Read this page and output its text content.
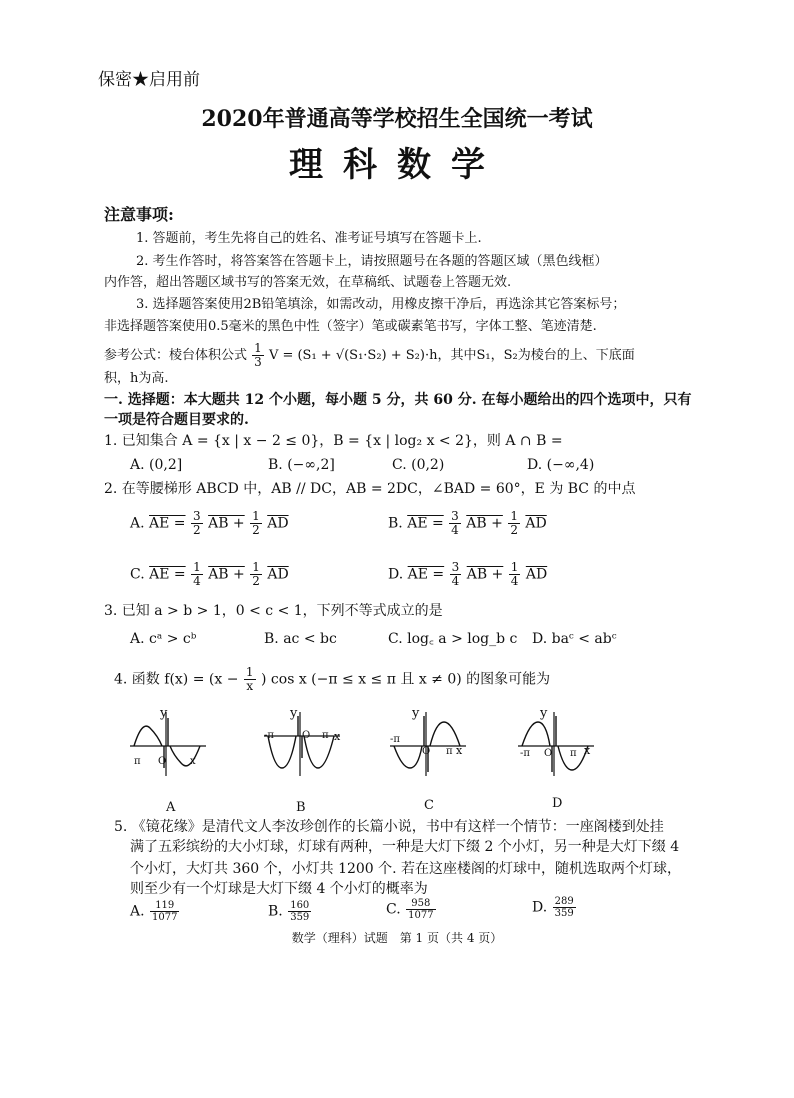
保密★启用前
2020年普通高等学校招生全国统一考试
理科数学
注意事项:
1. 答题前，考生先将自己的姓名、准考证号填写在答题卡上.
2. 考生作答时，将答案答在答题卡上，请按照题号在各题的答题区域（黑色线框）
内作答，超出答题区域书写的答案无效，在草稿纸、试题卷上答题无效.
3. 选择题答案使用2B铅笔填涂，如需改动，用橡皮擦干净后，再选涂其它答案标号；
非选择题答案使用0.5毫米的黑色中性（签字）笔或碳素笔书写，字体工整、笔迹清楚.
参考公式：棱台体积公式 $\frac{1}{3}$ V = (S₁ + √(S₁·S₂) + S₂)·h，其中S₁，S₂为棱台的上、下底面
积，h为高.
一. 选择题：本大题共 12 个小题，每小题 5 分，共 60 分. 在每小题给出的四个选项中，只有
一项是符合题目要求的.
1. 已知集合 A = {x | x − 2 ≤ 0}，B = {x | log₂ x < 2}，则 A ∩ B =
A. (0,2]	B. (−∞,2]	C. (0,2)	D. (−∞,4)
2. 在等腰梯形 ABCD 中，AB // DC，AB = 2DC，∠BAD = 60°，E 为 BC 的中点
A. AE = $\frac{3}{2}$ AB + $\frac{1}{2} \overline{AD}$	B. AE = $\frac{3}{4}$ AB + $\frac{1}{2} \overline{AD}$
C. AE = $\frac{1}{4}$ AB + $\frac{1}{2} \overline{AD}$	D. AE = $\frac{3}{4}$ AB + $\frac{1}{4} \overline{AD}$
3. 已知 a > b > 1，0 < c < 1，下列不等式成立的是
A. cᵃ > cᵇ	B. ac < bc	C. log꜀ a > log_b c D. baᶜ < abᶜ
4. 函数 $f(x) = (x - \frac{1}{x}$ ) cos x (−π ≤ x ≤ π 且 x ≠ 0) 的图象可能为
y
π O x
y
-π	O π x
y
-π
O π x
y
-π O π x
A	B	C	D
5. 《镜花缘》是清代文人李汝珍创作的长篇小说，书中有这样一个情节：一座阁楼到处挂
满了五彩缤纷的大小灯球，灯球有两种，一种是大灯下缀 2 个小灯，另一种是大灯下缀 4
个小灯，大灯共 360 个，小灯共 1200 个. 若在这座楼阁的灯球中，随机选取两个灯球，
则至少有一个灯球是大灯下缀 4 个小灯的概率为
A. $\frac{119}{1077}$	B. $\frac{160}{359}$	C. $\frac{958}{1077}$	D. $\frac{289}{359}$
数学（理科）试题　第 1 页（共 4 页）
